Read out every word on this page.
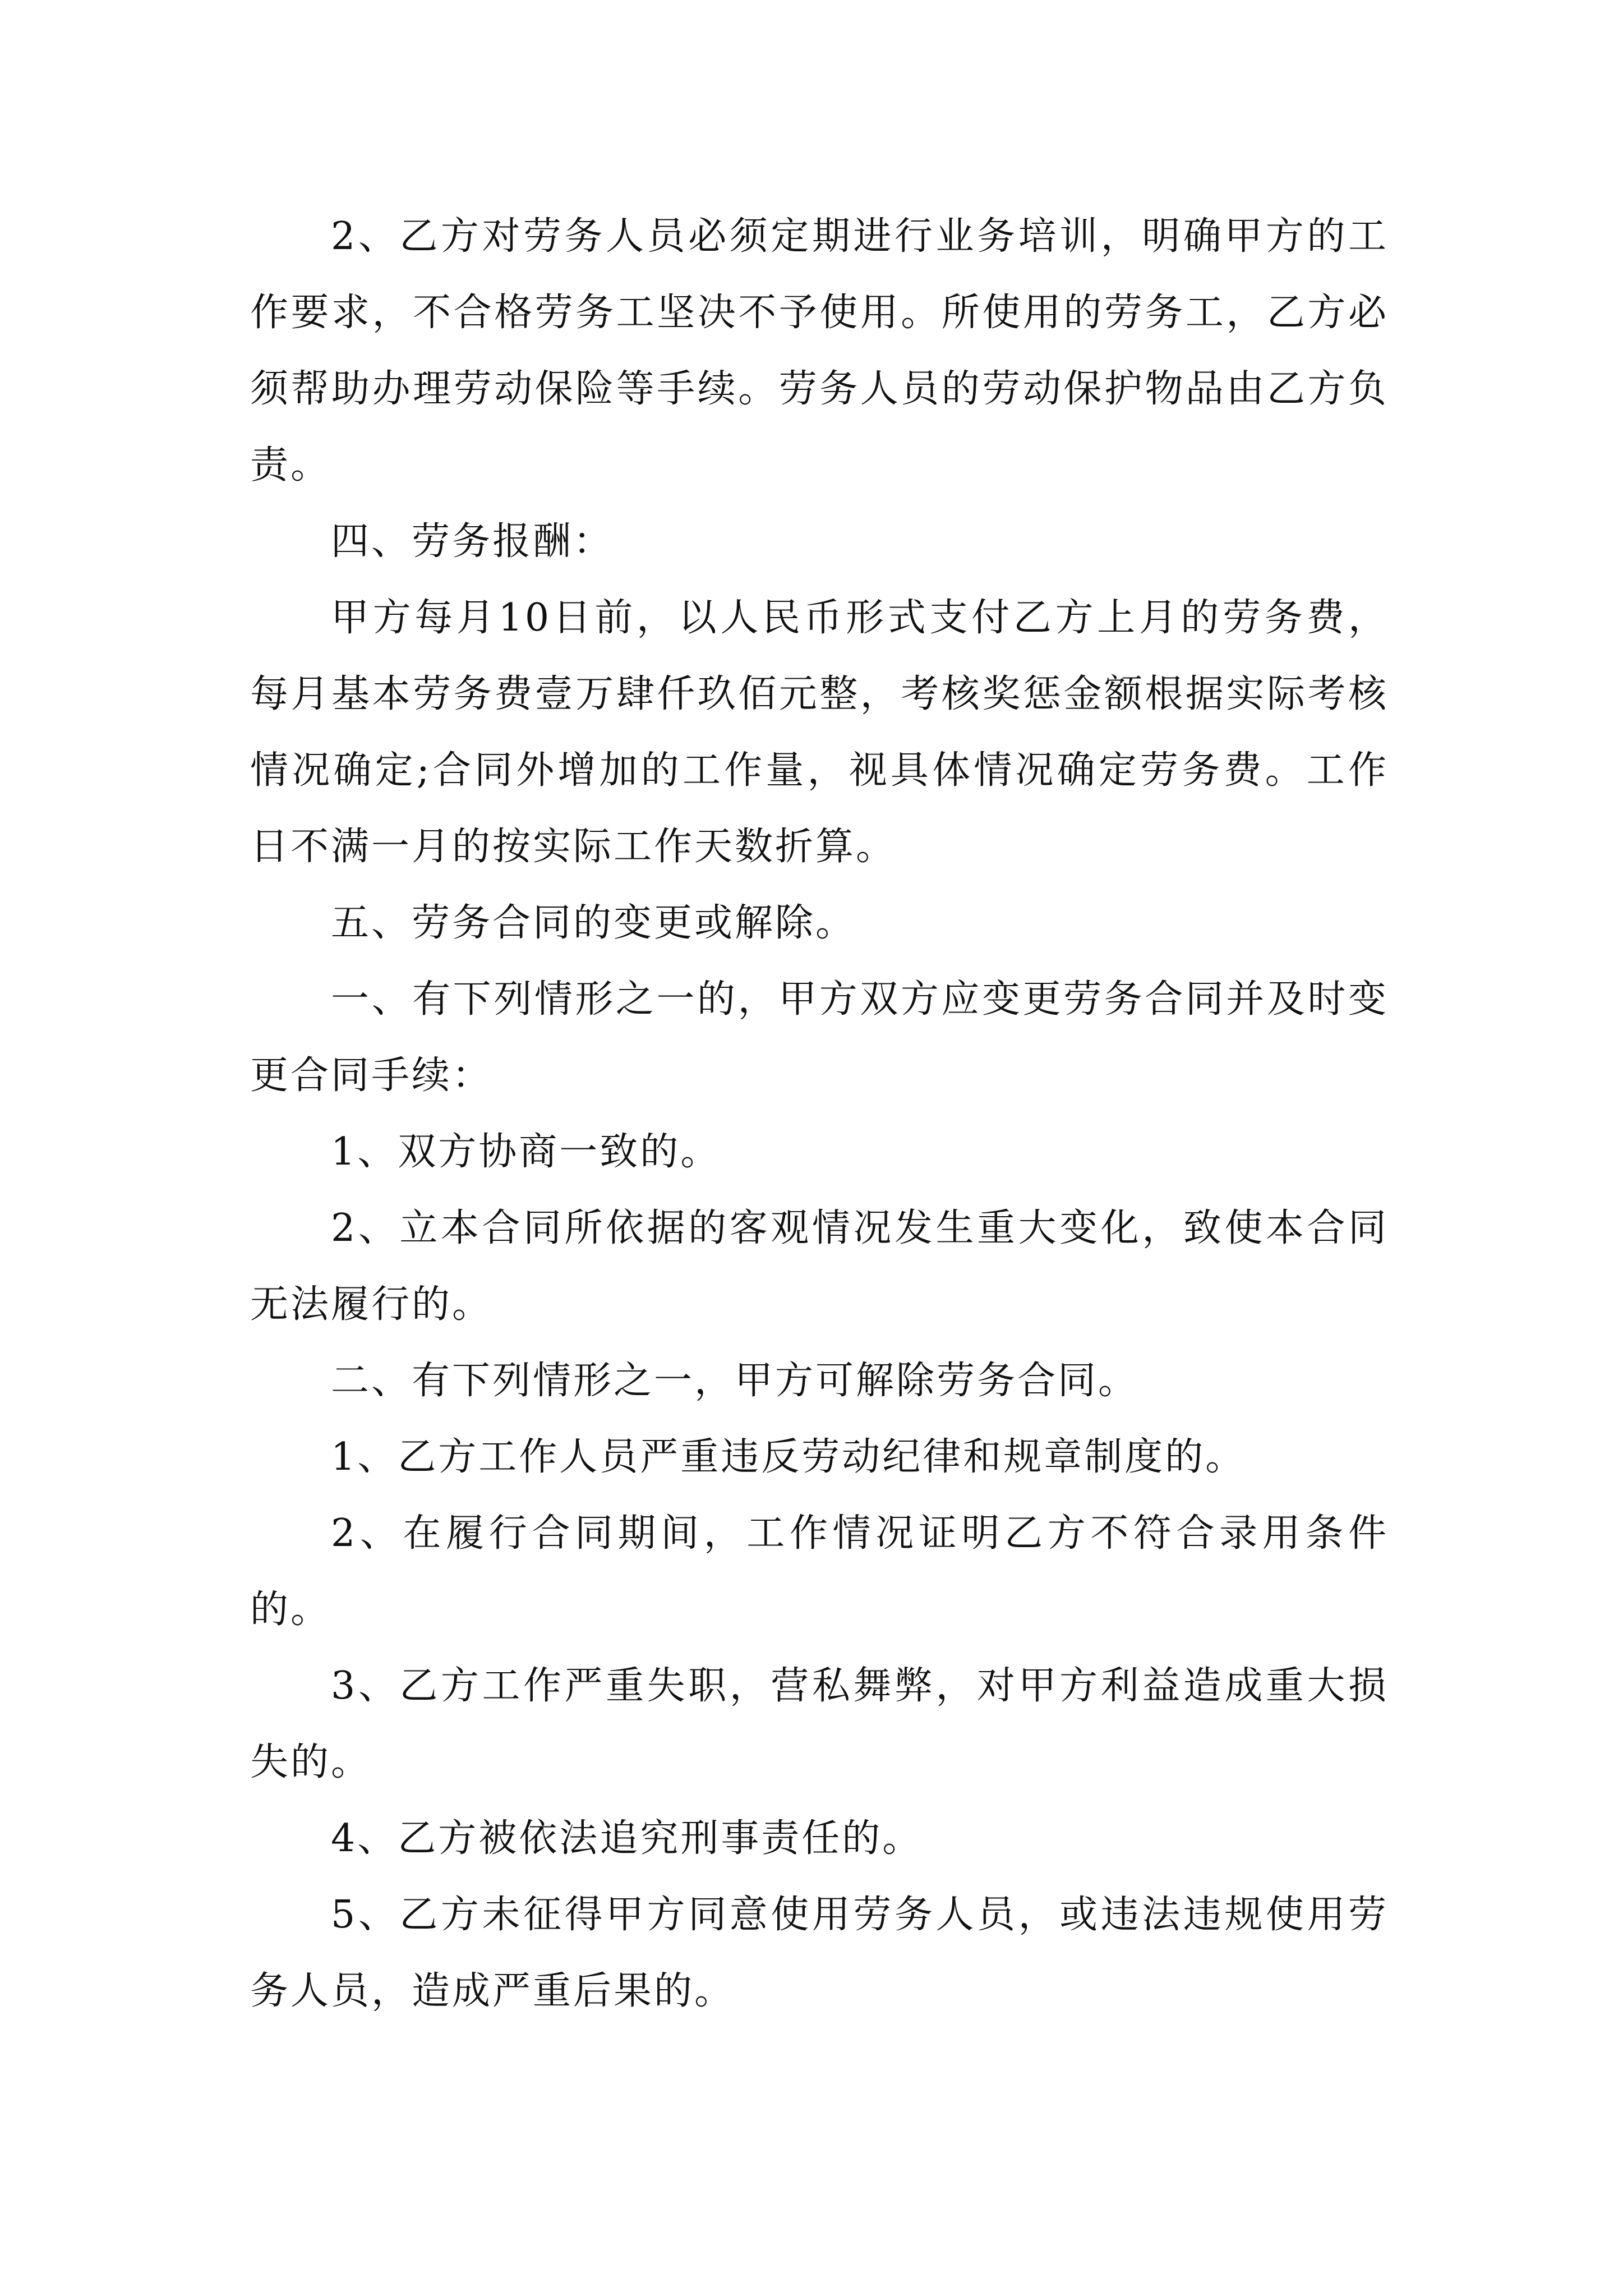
2、乙方对劳务人员必须定期进行业务培训，明确甲方的工作要求，不合格劳务工坚决不予使用。所使用的劳务工，乙方必须帮助办理劳动保险等手续。劳务人员的劳动保护物品由乙方负责。

四、劳务报酬：

甲方每月10日前，以人民币形式支付乙方上月的劳务费，每月基本劳务费壹万肆仟玖佰元整，考核奖惩金额根据实际考核情况确定;合同外增加的工作量，视具体情况确定劳务费。工作日不满一月的按实际工作天数折算。

五、劳务合同的变更或解除。

一、有下列情形之一的，甲方双方应变更劳务合同并及时变更合同手续：

1、双方协商一致的。

2、立本合同所依据的客观情况发生重大变化，致使本合同无法履行的。

二、有下列情形之一，甲方可解除劳务合同。

1、乙方工作人员严重违反劳动纪律和规章制度的。

2、在履行合同期间，工作情况证明乙方不符合录用条件的。

3、乙方工作严重失职，营私舞弊，对甲方利益造成重大损失的。

4、乙方被依法追究刑事责任的。

5、乙方未征得甲方同意使用劳务人员，或违法违规使用劳务人员，造成严重后果的。
